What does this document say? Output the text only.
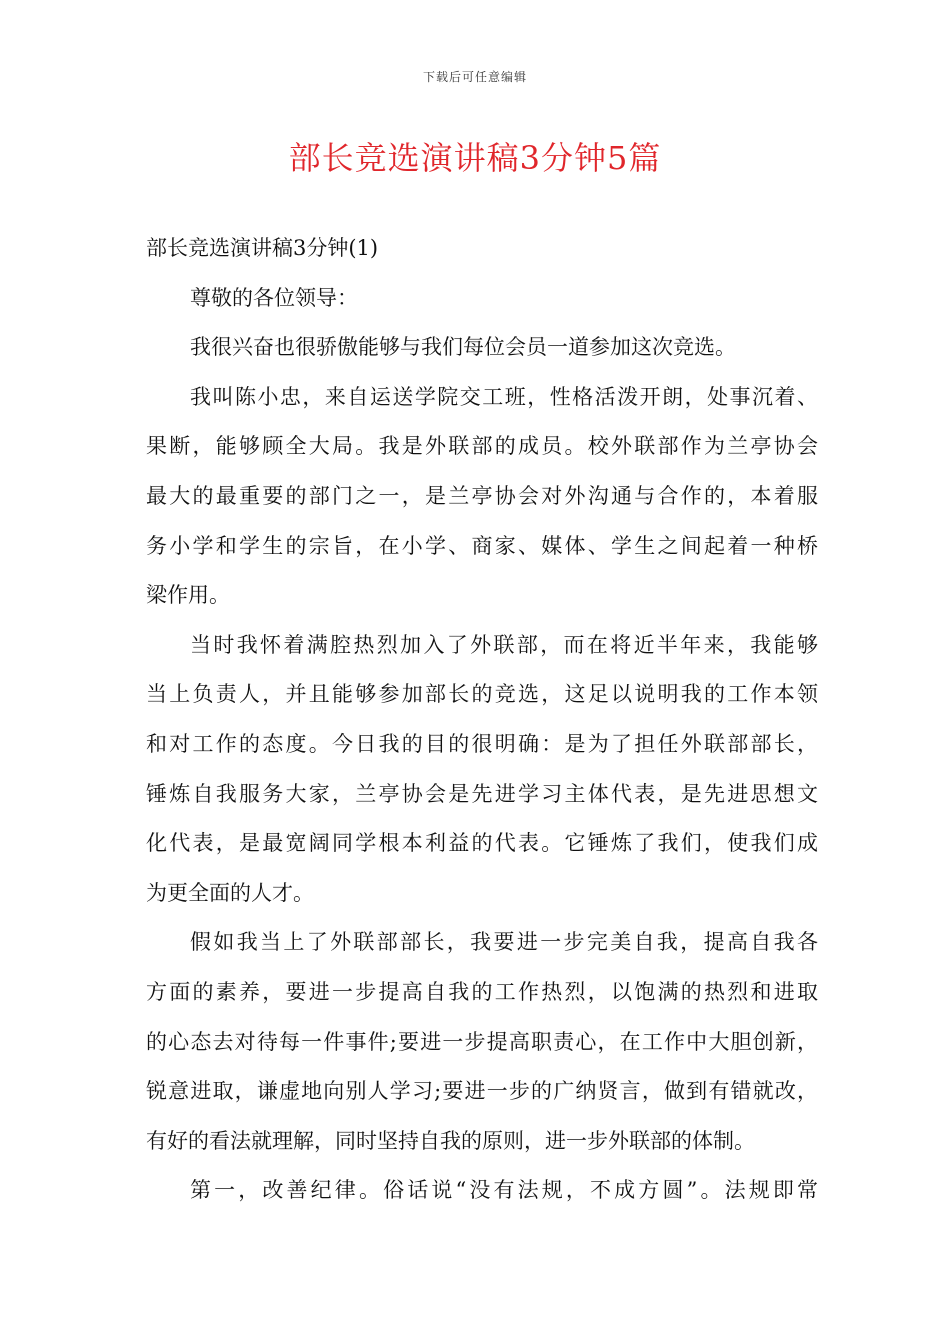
下载后可任意编辑
部长竞选演讲稿3分钟5篇
部长竞选演讲稿3分钟(1)
尊敬的各位领导：
我很兴奋也很骄傲能够与我们每位会员一道参加这次竞选。
我叫陈小忠，来自运送学院交工班，性格活泼开朗，处事沉着、
果断，能够顾全大局。我是外联部的成员。校外联部作为兰亭协会
最大的最重要的部门之一，是兰亭协会对外沟通与合作的，本着服
务小学和学生的宗旨，在小学、商家、媒体、学生之间起着一种桥
梁作用。
当时我怀着满腔热烈加入了外联部，而在将近半年来，我能够
当上负责人，并且能够参加部长的竞选，这足以说明我的工作本领
和对工作的态度。今日我的目的很明确：是为了担任外联部部长，
锤炼自我服务大家，兰亭协会是先进学习主体代表，是先进思想文
化代表，是最宽阔同学根本利益的代表。它锤炼了我们，使我们成
为更全面的人才。
假如我当上了外联部部长，我要进一步完美自我，提高自我各
方面的素养，要进一步提高自我的工作热烈，以饱满的热烈和进取
的心态去对待每一件事件;要进一步提高职责心，在工作中大胆创新，
锐意进取，谦虚地向别人学习;要进一步的广纳贤言，做到有错就改，
有好的看法就理解，同时坚持自我的原则，进一步外联部的体制。
第一，改善纪律。俗话说“没有法规，不成方圆”。法规即常
